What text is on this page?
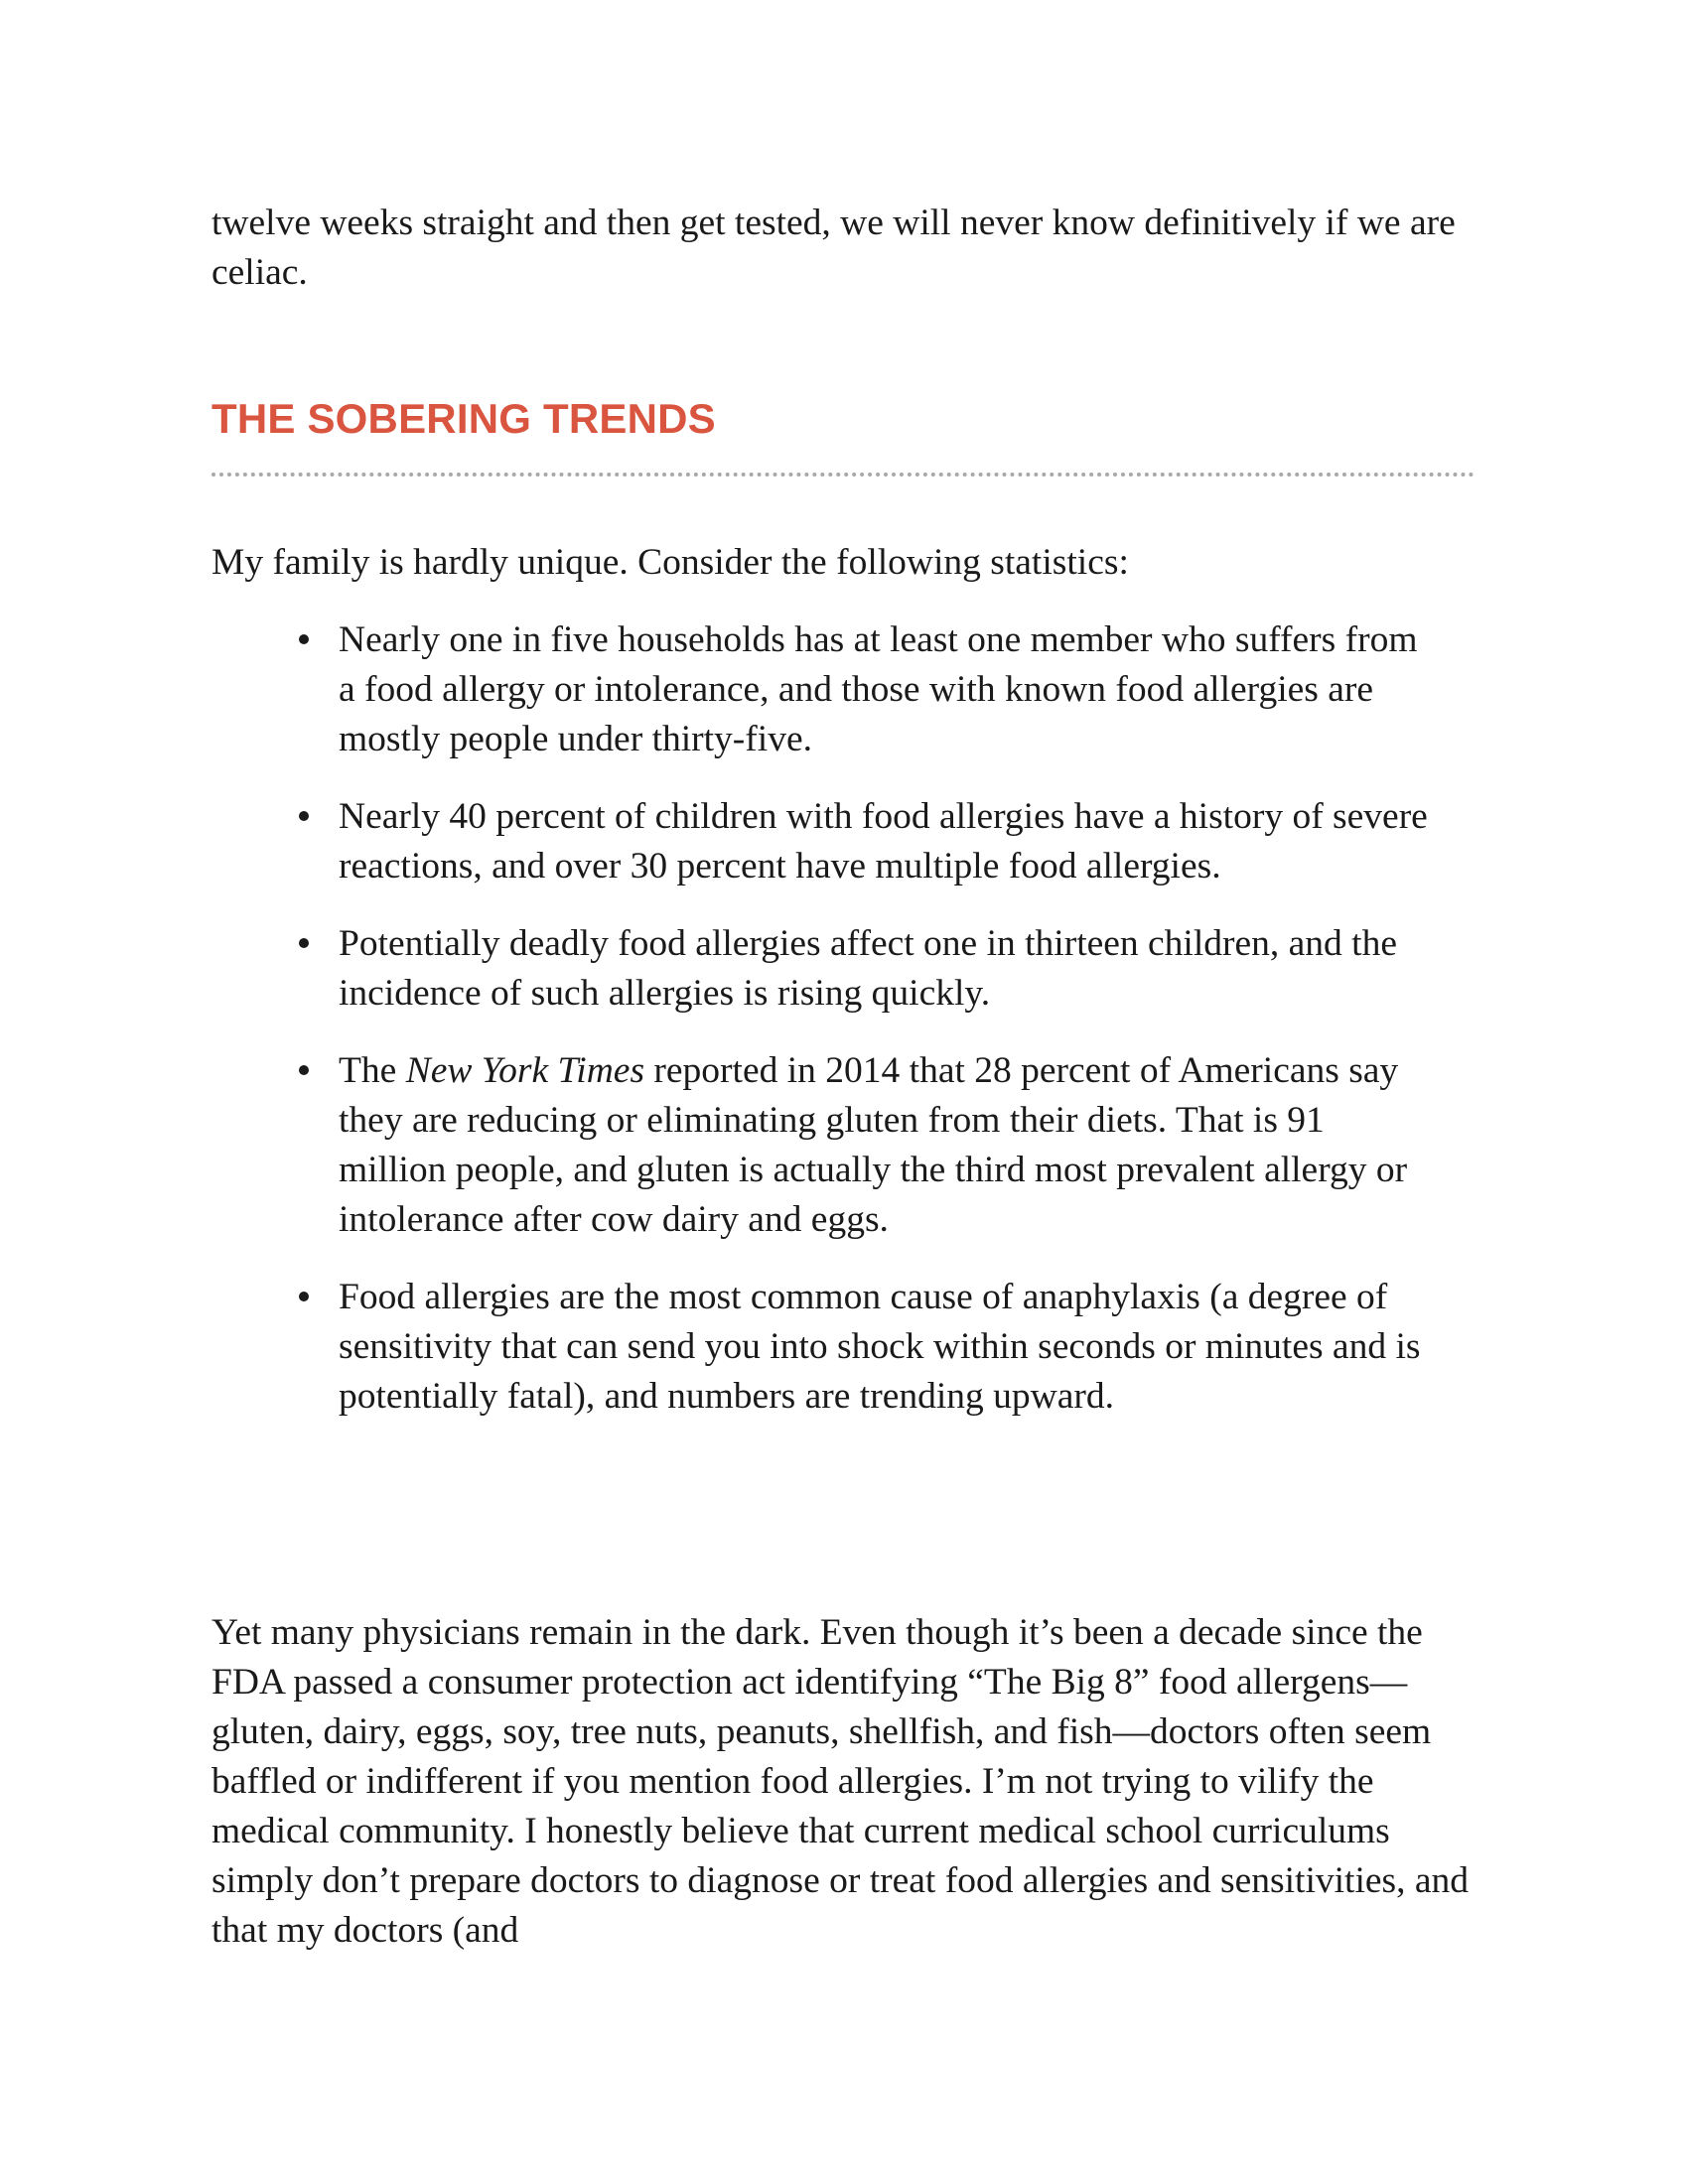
twelve weeks straight and then get tested, we will never know definitively if we are celiac.

THE SOBERING TRENDS

My family is hardly unique. Consider the following statistics:

Nearly one in five households has at least one member who suffers from a food allergy or intolerance, and those with known food allergies are mostly people under thirty-five.
Nearly 40 percent of children with food allergies have a history of severe reactions, and over 30 percent have multiple food allergies.
Potentially deadly food allergies affect one in thirteen children, and the incidence of such allergies is rising quickly.
The New York Times reported in 2014 that 28 percent of Americans say they are reducing or eliminating gluten from their diets. That is 91 million people, and gluten is actually the third most prevalent allergy or intolerance after cow dairy and eggs.
Food allergies are the most common cause of anaphylaxis (a degree of sensitivity that can send you into shock within seconds or minutes and is potentially fatal), and numbers are trending upward.

Yet many physicians remain in the dark. Even though it’s been a decade since the FDA passed a consumer protection act identifying “The Big 8” food allergens—gluten, dairy, eggs, soy, tree nuts, peanuts, shellfish, and fish—doctors often seem baffled or indifferent if you mention food allergies. I’m not trying to vilify the medical community. I honestly believe that current medical school curriculums simply don’t prepare doctors to diagnose or treat food allergies and sensitivities, and that my doctors (and
